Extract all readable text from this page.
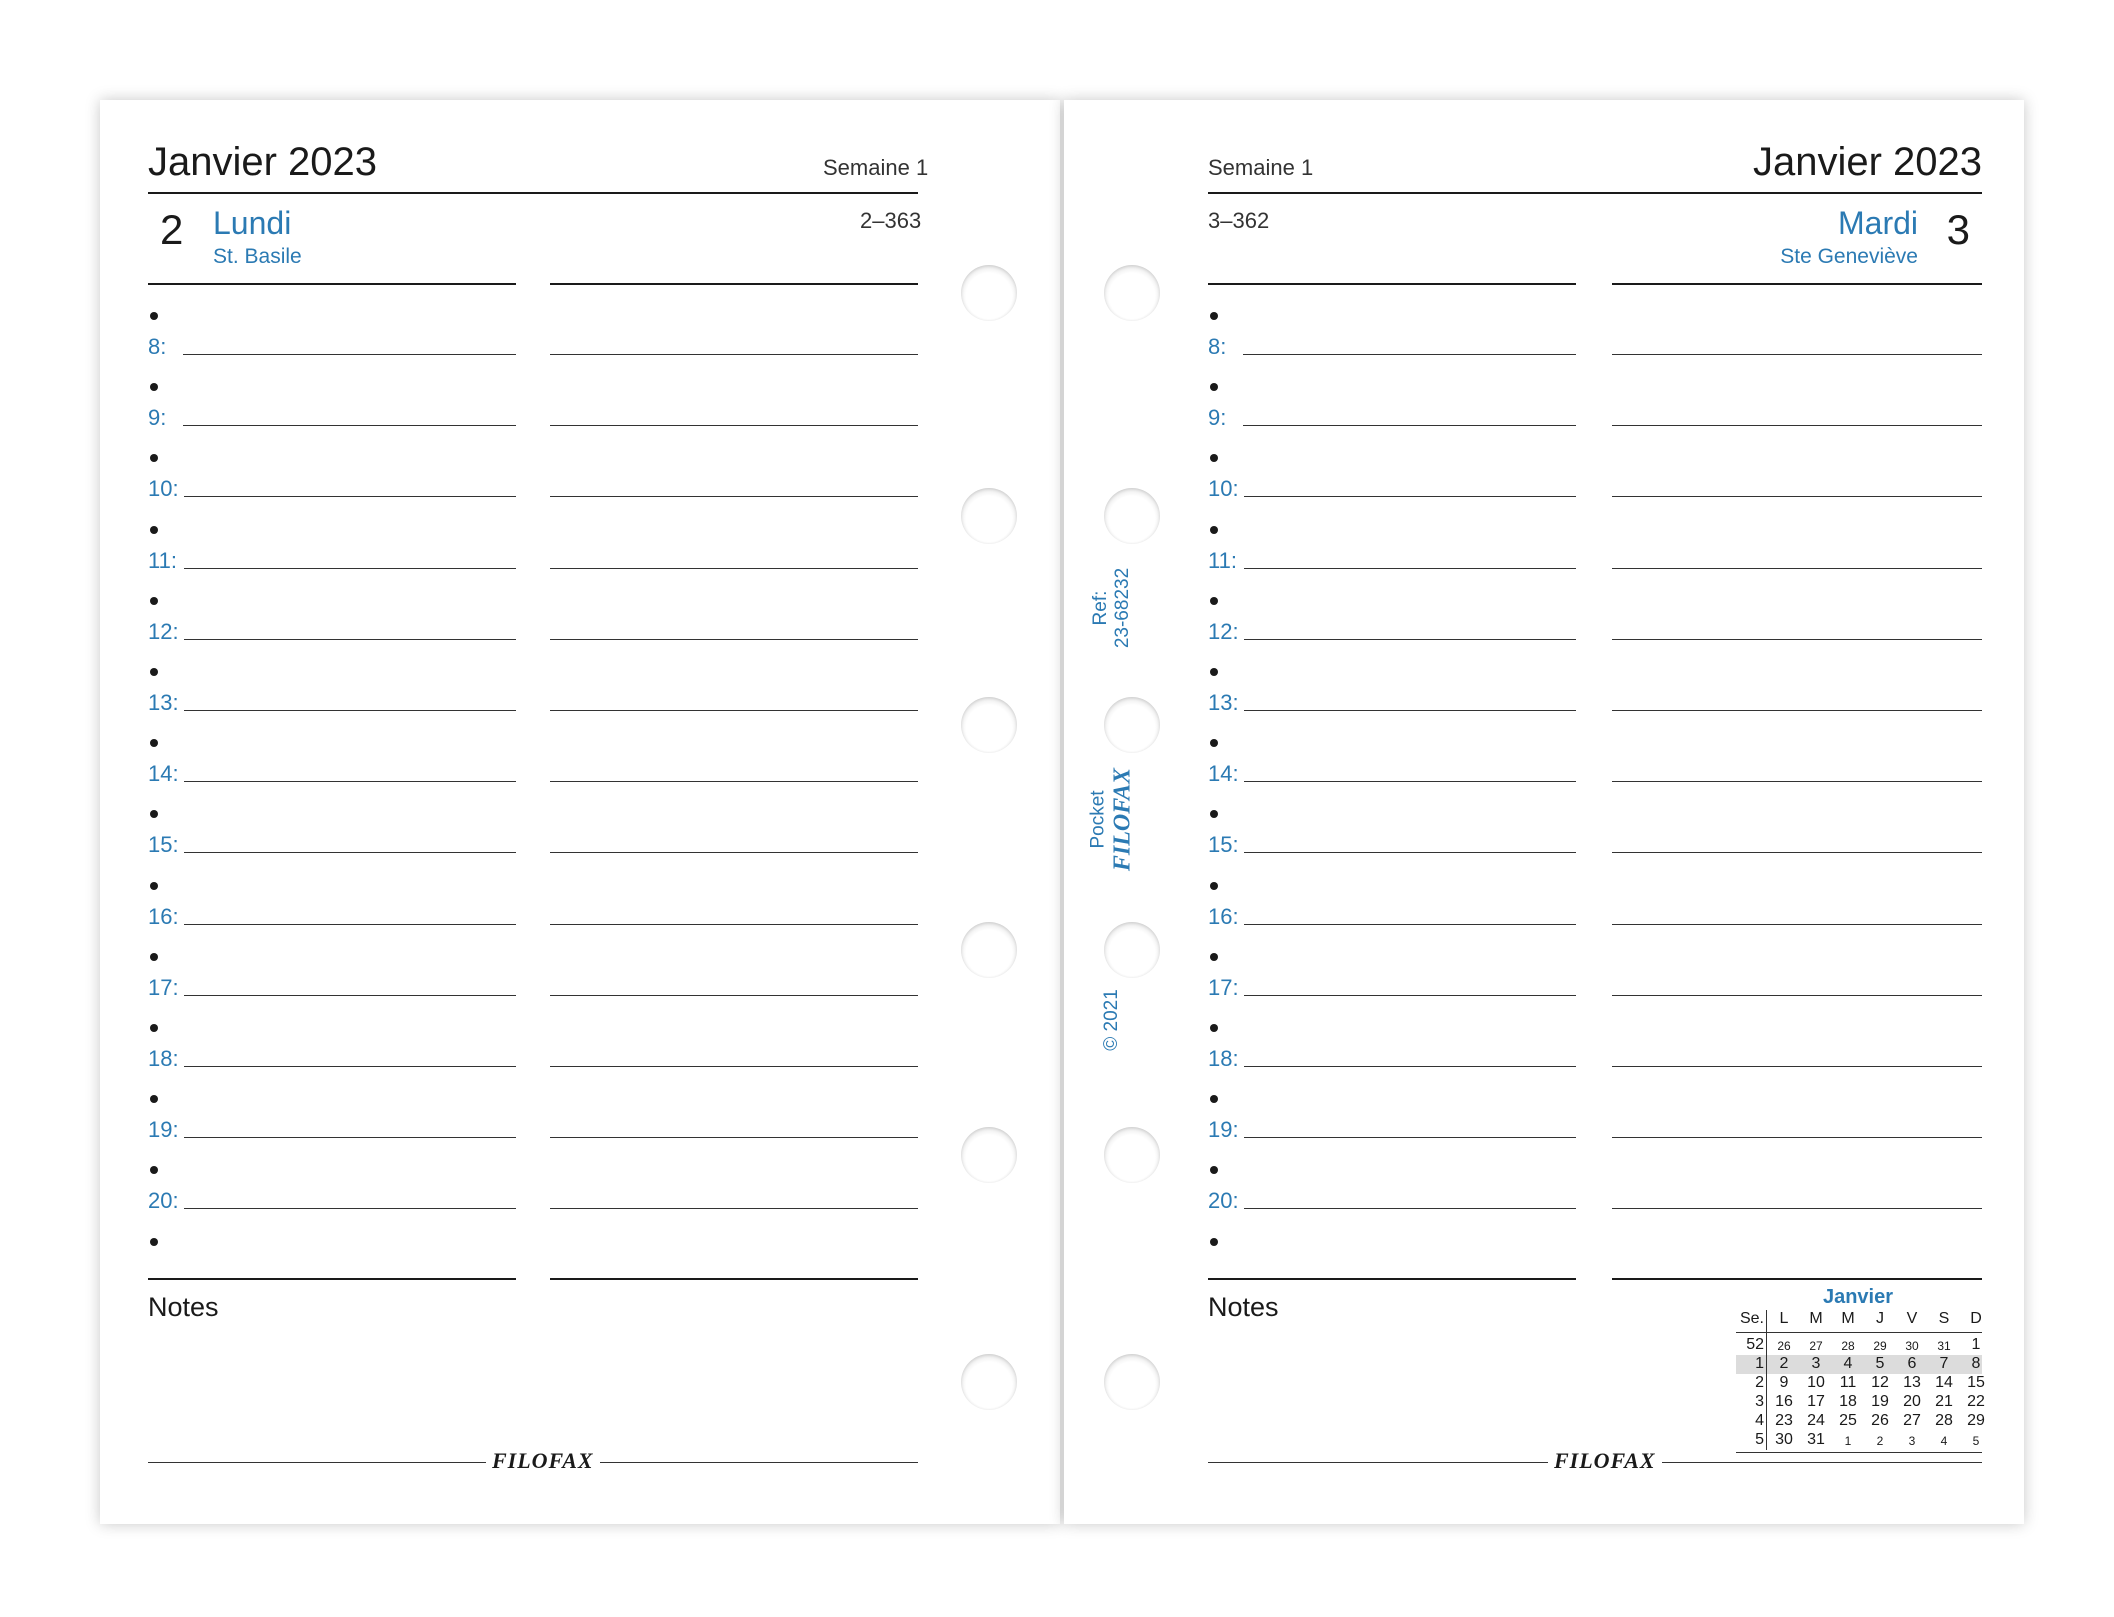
Janvier 2023	Semaine 1
2 Lundi
St. Basile
2–363
8:
9:
10:
11:
12:
13:
14:
15:
16:
17:
18:
19:
20:
Notes
FILOFAX
Semaine 1	Janvier 2023
3–362	Mardi
Ste Geneviève
3
8:
9:
10:
11:
12:
13:
14:
15:
16:
17:
18:
19:
20:
Notes
FILOFAX
Ref: 23-68232
Pocket FILOFAX
© 2021
Janvier
Se. L	M	M	J	V	S	D
52	26	27	28	29	30	31	1
1 2	3	4	5	6	7	8
2 9	10 11 12 13 14 15
3 16 17 18 19 20 21 22
4 23 24 25 26 27 28 29
5 30 31	1	2	3	4	5
